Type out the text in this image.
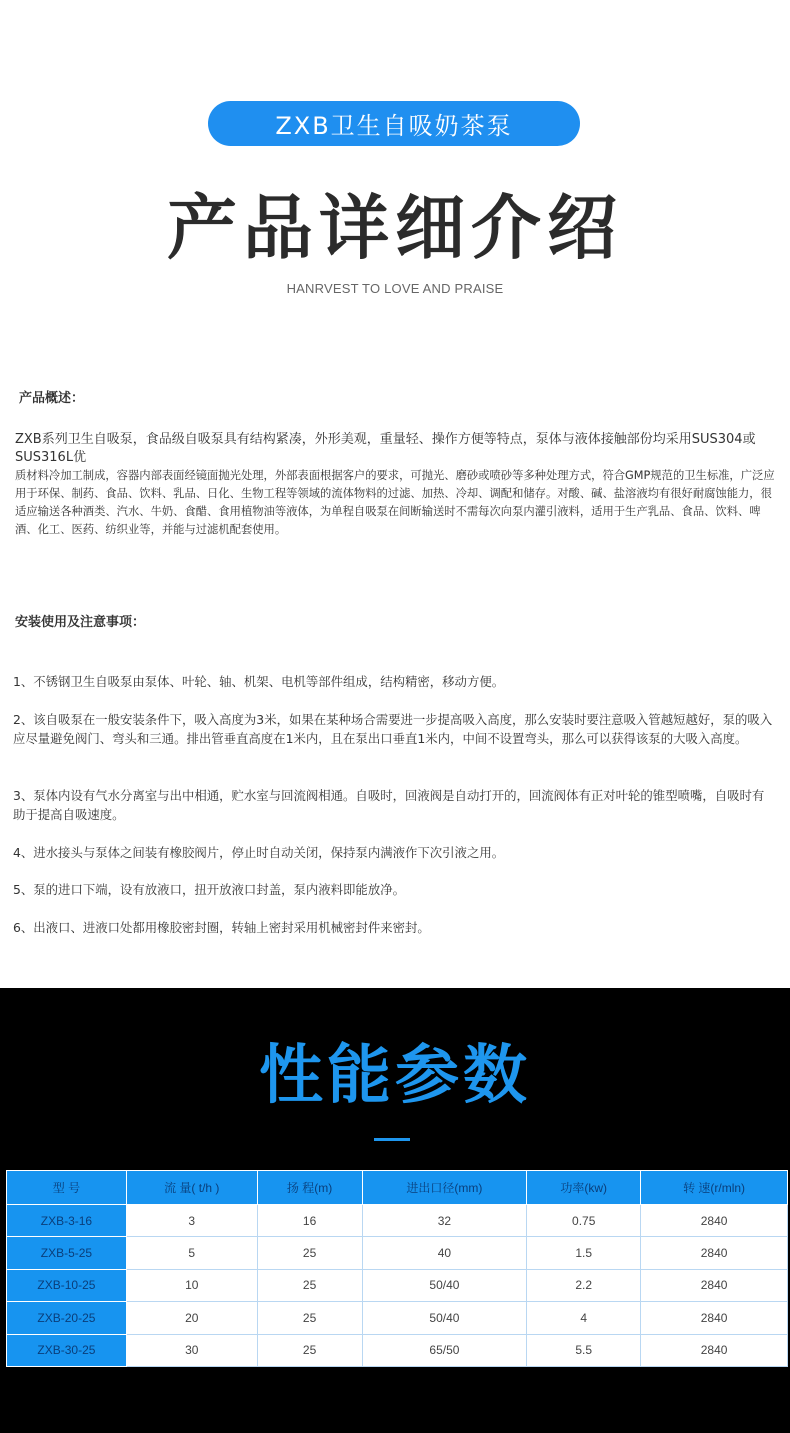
ZXB卫生自吸奶茶泵
产品详细介绍
HANRVEST TO LOVE AND PRAISE
产品概述：
ZXB系列卫生自吸泵，食品级自吸泵具有结构紧凑，外形美观，重量轻、操作方便等特点，泵体与液体接触部份均采用SUS304或SUS316L优
质材料冷加工制成，容器内部表面经镜面抛光处理，外部表面根据客户的要求，可抛光、磨砂或喷砂等多种处理方式，符合GMP规范的卫生标准，广泛应用于环保、制药、食品、饮料、乳品、日化、生物工程等领域的流体物料的过滤、加热、冷却、调配和储存。对酸、碱、盐溶液均有很好耐腐蚀能力，很适应输送各种酒类、汽水、牛奶、食醋、食用植物油等液体，为单程自吸泵在间断输送时不需每次向泵内灌引液料，适用于生产乳品、食品、饮料、啤酒、化工、医药、纺织业等，并能与过滤机配套使用。
安装使用及注意事项：
1、不锈钢卫生自吸泵由泵体、叶轮、轴、机架、电机等部件组成，结构精密，移动方便。
2、该自吸泵在一般安装条件下，吸入高度为3米，如果在某种场合需要进一步提高吸入高度，那么安装时要注意吸入管越短越好，泵的吸入应尽量避免阀门、弯头和三通。排出管垂直高度在1米内，且在泵出口垂直1米内，中间不设置弯头，那么可以获得该泵的大吸入高度。
3、泵体内设有气水分离室与出中相通，贮水室与回流阀相通。自吸时，回液阀是自动打开的，回流阀体有正对叶轮的锥型喷嘴，自吸时有助于提高自吸速度。
4、进水接头与泵体之间装有橡胶阀片，停止时自动关闭，保持泵内满液作下次引液之用。
5、泵的进口下端，设有放液口，扭开放液口封盖，泵内液料即能放净。
6、出液口、进液口处都用橡胶密封圈，转轴上密封采用机械密封件来密封。
性能参数
型 号	流 量( t/h )	扬 程(m)	进出口径(mm)	功率(kw)	转 速(r/mln)
ZXB-3-16	3	16	32	0.75	2840
ZXB-5-25	5	25	40	1.5	2840
ZXB-10-25	10	25	50/40	2.2	2840
ZXB-20-25	20	25	50/40	4	2840
ZXB-30-25	30	25	65/50	5.5	2840
